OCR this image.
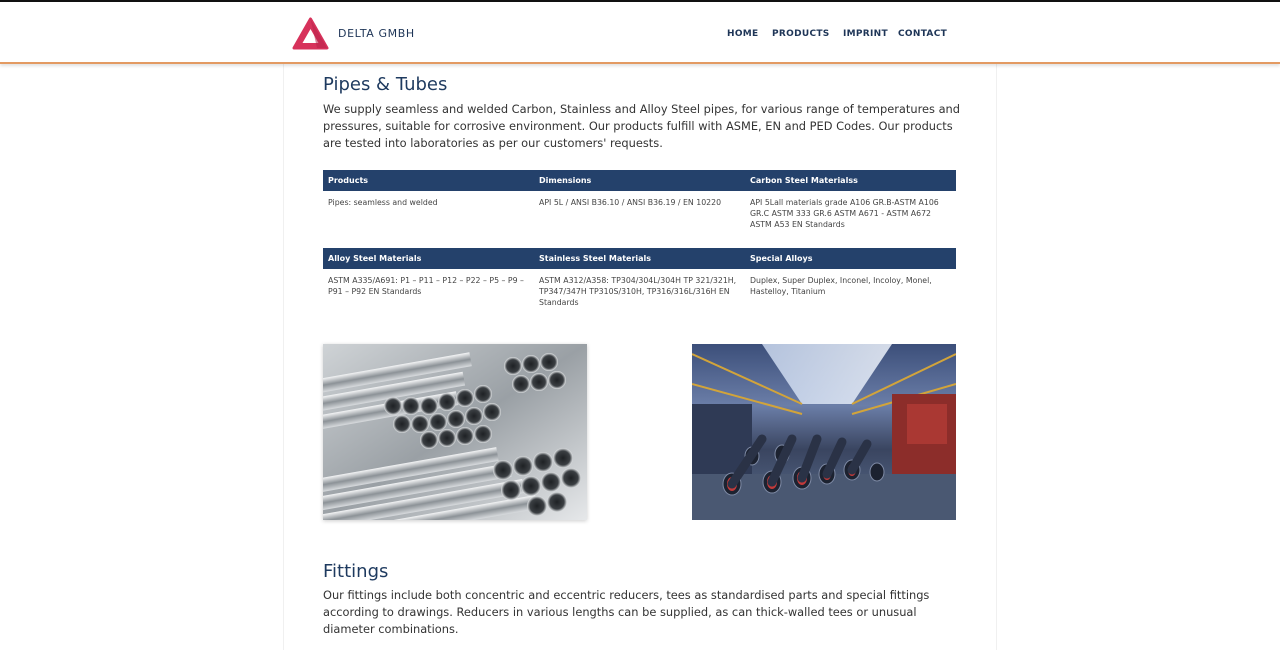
DELTA GMBH	HOME PRODUCTS IMPRINT CONTACT
Pipes & Tubes

We supply seamless and welded Carbon, Stainless and Alloy Steel pipes, for various range of temperatures and pressures, suitable for corrosive environment. Our products fulfill with ASME, EN and PED Codes. Our products are tested into laboratories as per our customers' requests.

Products	Dimensions	Carbon Steel Materialss
Pipes: seamless and welded	API 5L / ANSI B36.10 / ANSI B36.19 / EN 10220	API 5Lall materials grade A106 GR.B-ASTM A106 GR.C ASTM 333 GR.6 ASTM A671 - ASTM A672 ASTM A53 EN Standards
Alloy Steel Materials	Stainless Steel Materials	Special Alloys
ASTM A335/A691: P1 – P11 – P12 – P22 – P5 – P9 – P91 – P92 EN Standards	ASTM A312/A358: TP304/304L/304H TP 321/321H, TP347/347H TP310S/310H, TP316/316L/316H EN Standards	Duplex, Super Duplex, Inconel, Incoloy, Monel, Hastelloy, Titanium
Fittings

Our fittings include both concentric and eccentric reducers, tees as standardised parts and special fittings according to drawings. Reducers in various lengths can be supplied, as can thick-walled tees or unusual diameter combinations.
